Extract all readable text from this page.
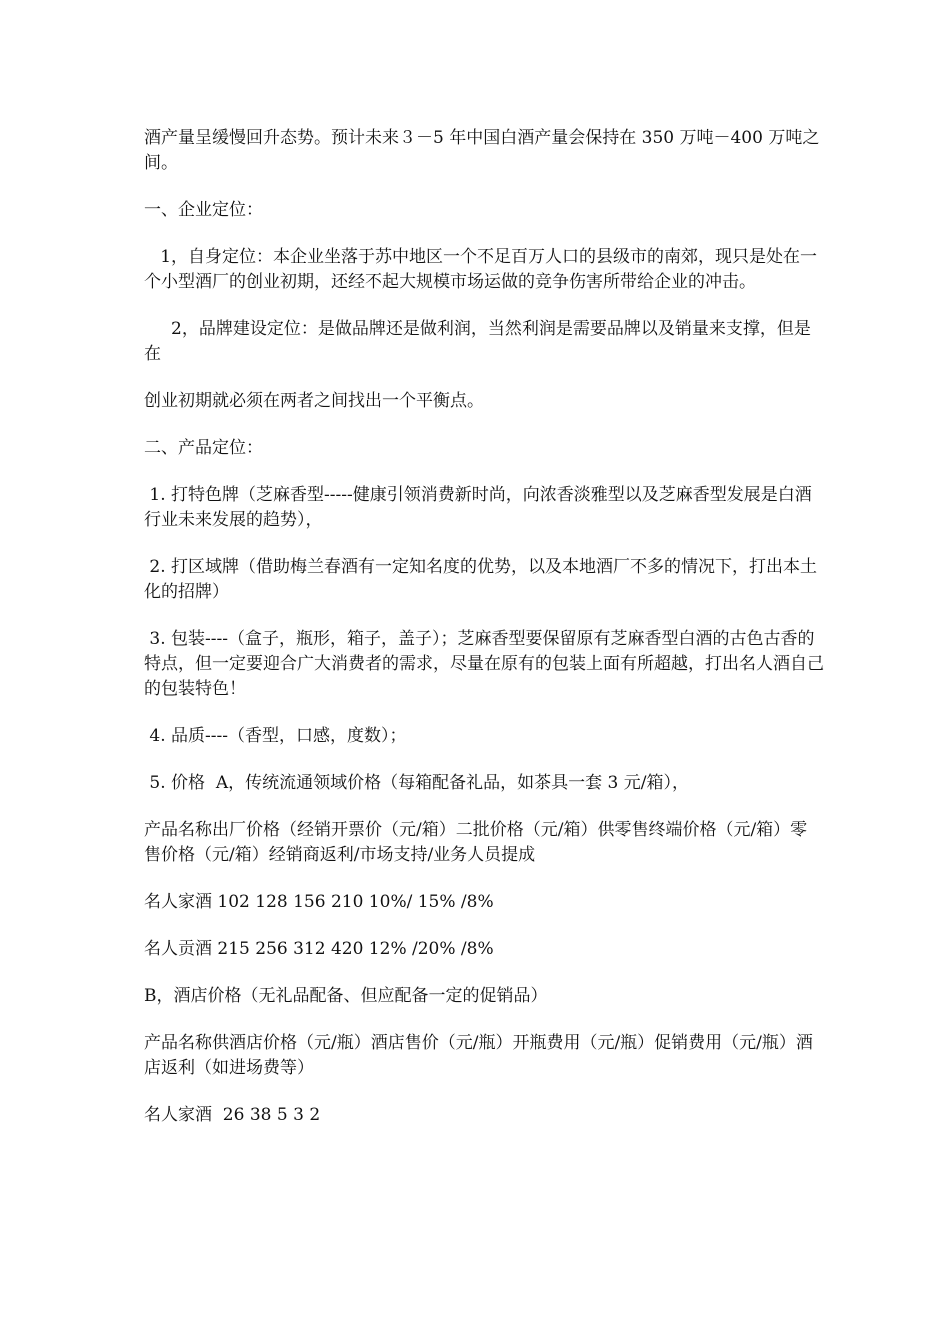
酒产量呈缓慢回升态势。预计未来３－5 年中国白酒产量会保持在 350 万吨－400 万吨之间。

一、企业定位：

1，自身定位：本企业坐落于苏中地区一个不足百万人口的县级市的南郊，现只是处在一个小型酒厂的创业初期，还经不起大规模市场运做的竞争伤害所带给企业的冲击。

2，品牌建设定位：是做品牌还是做利润，当然利润是需要品牌以及销量来支撑，但是在

创业初期就必须在两者之间找出一个平衡点。

二、产品定位：

1. 打特色牌（芝麻香型-----健康引领消费新时尚，向浓香淡雅型以及芝麻香型发展是白酒行业未来发展的趋势），

2. 打区域牌（借助梅兰春酒有一定知名度的优势，以及本地酒厂不多的情况下，打出本土化的招牌）

3. 包装----（盒子，瓶形，箱子，盖子）；芝麻香型要保留原有芝麻香型白酒的古色古香的特点，但一定要迎合广大消费者的需求，尽量在原有的包装上面有所超越，打出名人酒自己的包装特色！

4. 品质----（香型，口感，度数）；

5. 价格  A，传统流通领域价格（每箱配备礼品，如茶具一套 3 元/箱），

产品名称出厂价格（经销开票价（元/箱）二批价格（元/箱）供零售终端价格（元/箱）零售价格（元/箱）经销商返利/市场支持/业务人员提成

名人家酒 102 128 156 210 10%/ 15% /8%

名人贡酒 215 256 312 420 12% /20% /8%

B，酒店价格（无礼品配备、但应配备一定的促销品）

产品名称供酒店价格（元/瓶）酒店售价（元/瓶）开瓶费用（元/瓶）促销费用（元/瓶）酒店返利（如进场费等）

名人家酒  26 38 5 3 2
